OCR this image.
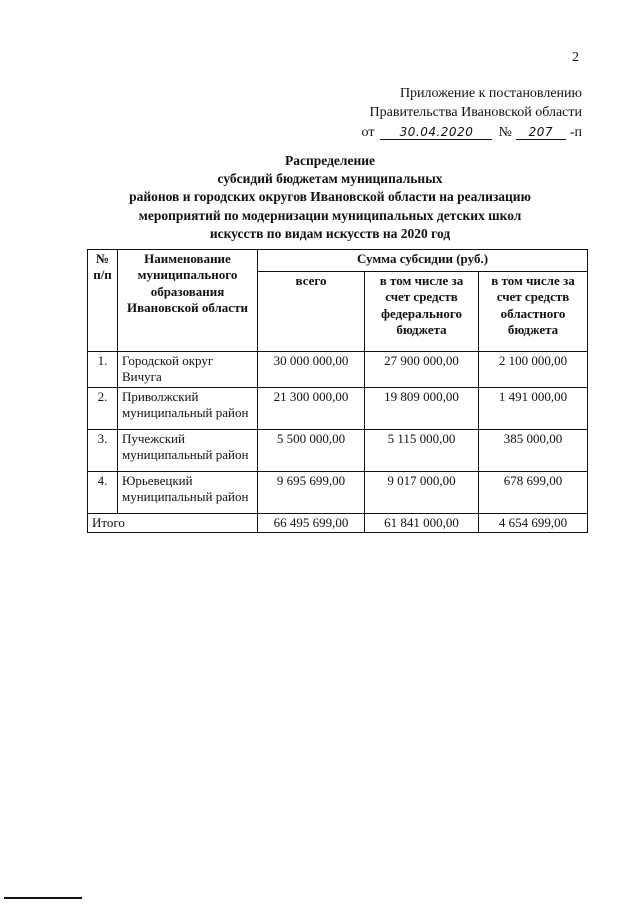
2
Приложение к постановлению
Правительства Ивановской области
от 30.04.2020 № 207 -п
Распределение
субсидий бюджетам муниципальных
районов и городских округов Ивановской области на реализацию
мероприятий по модернизации муниципальных детских школ
искусств по видам искусств на 2020 год
№ п/п	Наименование муниципального образования Ивановской области	Сумма субсидии (руб.)		
		всего	в том числе за счет средств федерального бюджета	в том числе за счет средств областного бюджета
1.	Городской округ Вичуга	30 000 000,00	27 900 000,00	2 100 000,00
2.	Приволжский муниципальный район	21 300 000,00	19 809 000,00	1 491 000,00
3.	Пучежский муниципальный район	5 500 000,00	5 115 000,00	385 000,00
4.	Юрьевецкий муниципальный район	9 695 699,00	9 017 000,00	678 699,00
Итого		66 495 699,00	61 841 000,00	4 654 699,00
